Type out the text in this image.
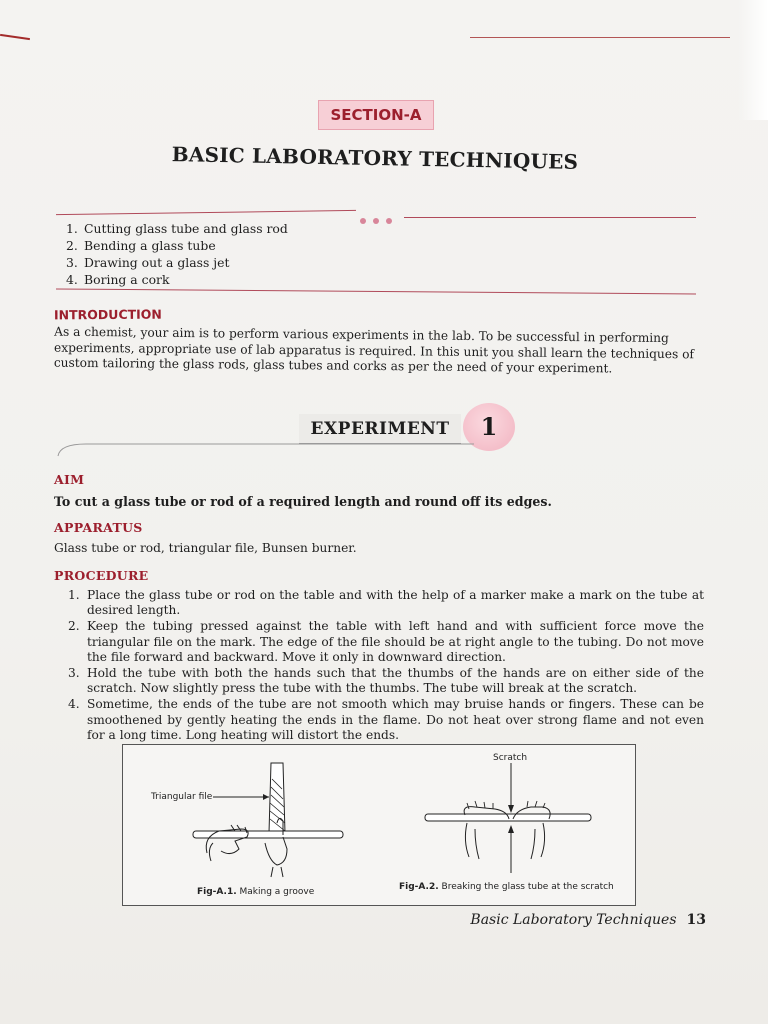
SECTION-A
BASIC LABORATORY TECHNIQUES
1. Cutting glass tube and glass rod
2. Bending a glass tube
3. Drawing out a glass jet
4. Boring a cork
INTRODUCTION
As a chemist, your aim is to perform various experiments in the lab. To be successful in performing
experiments, appropriate use of lab apparatus is required. In this unit you shall learn the techniques of
custom tailoring the glass rods, glass tubes and corks as per the need of your experiment.
EXPERIMENT	1
AIM
To cut a glass tube or rod of a required length and round off its edges.
APPARATUS
Glass tube or rod, triangular file, Bunsen burner.
PROCEDURE
1. Place the glass tube or rod on the table and with the help of a marker make a mark on the tube at desired length.
2. Keep the tubing pressed against the table with left hand and with sufficient force move the triangular file on the mark. The edge of the file should be at right angle to the tubing. Do not move the file forward and backward. Move it only in downward direction.
3. Hold the tube with both the hands such that the thumbs of the hands are on either side of the scratch. Now slightly press the tube with the thumbs. The tube will break at the scratch.
4. Sometime, the ends of the tube are not smooth which may bruise hands or fingers. These can be smoothened by gently heating the ends in the flame. Do not heat over strong flame and not even for a long time. Long heating will distort the ends.
Triangular file
Scratch
Fig-A.1. Making a groove	Fig-A.2. Breaking the glass tube at the scratch
Basic Laboratory Techniques 13
